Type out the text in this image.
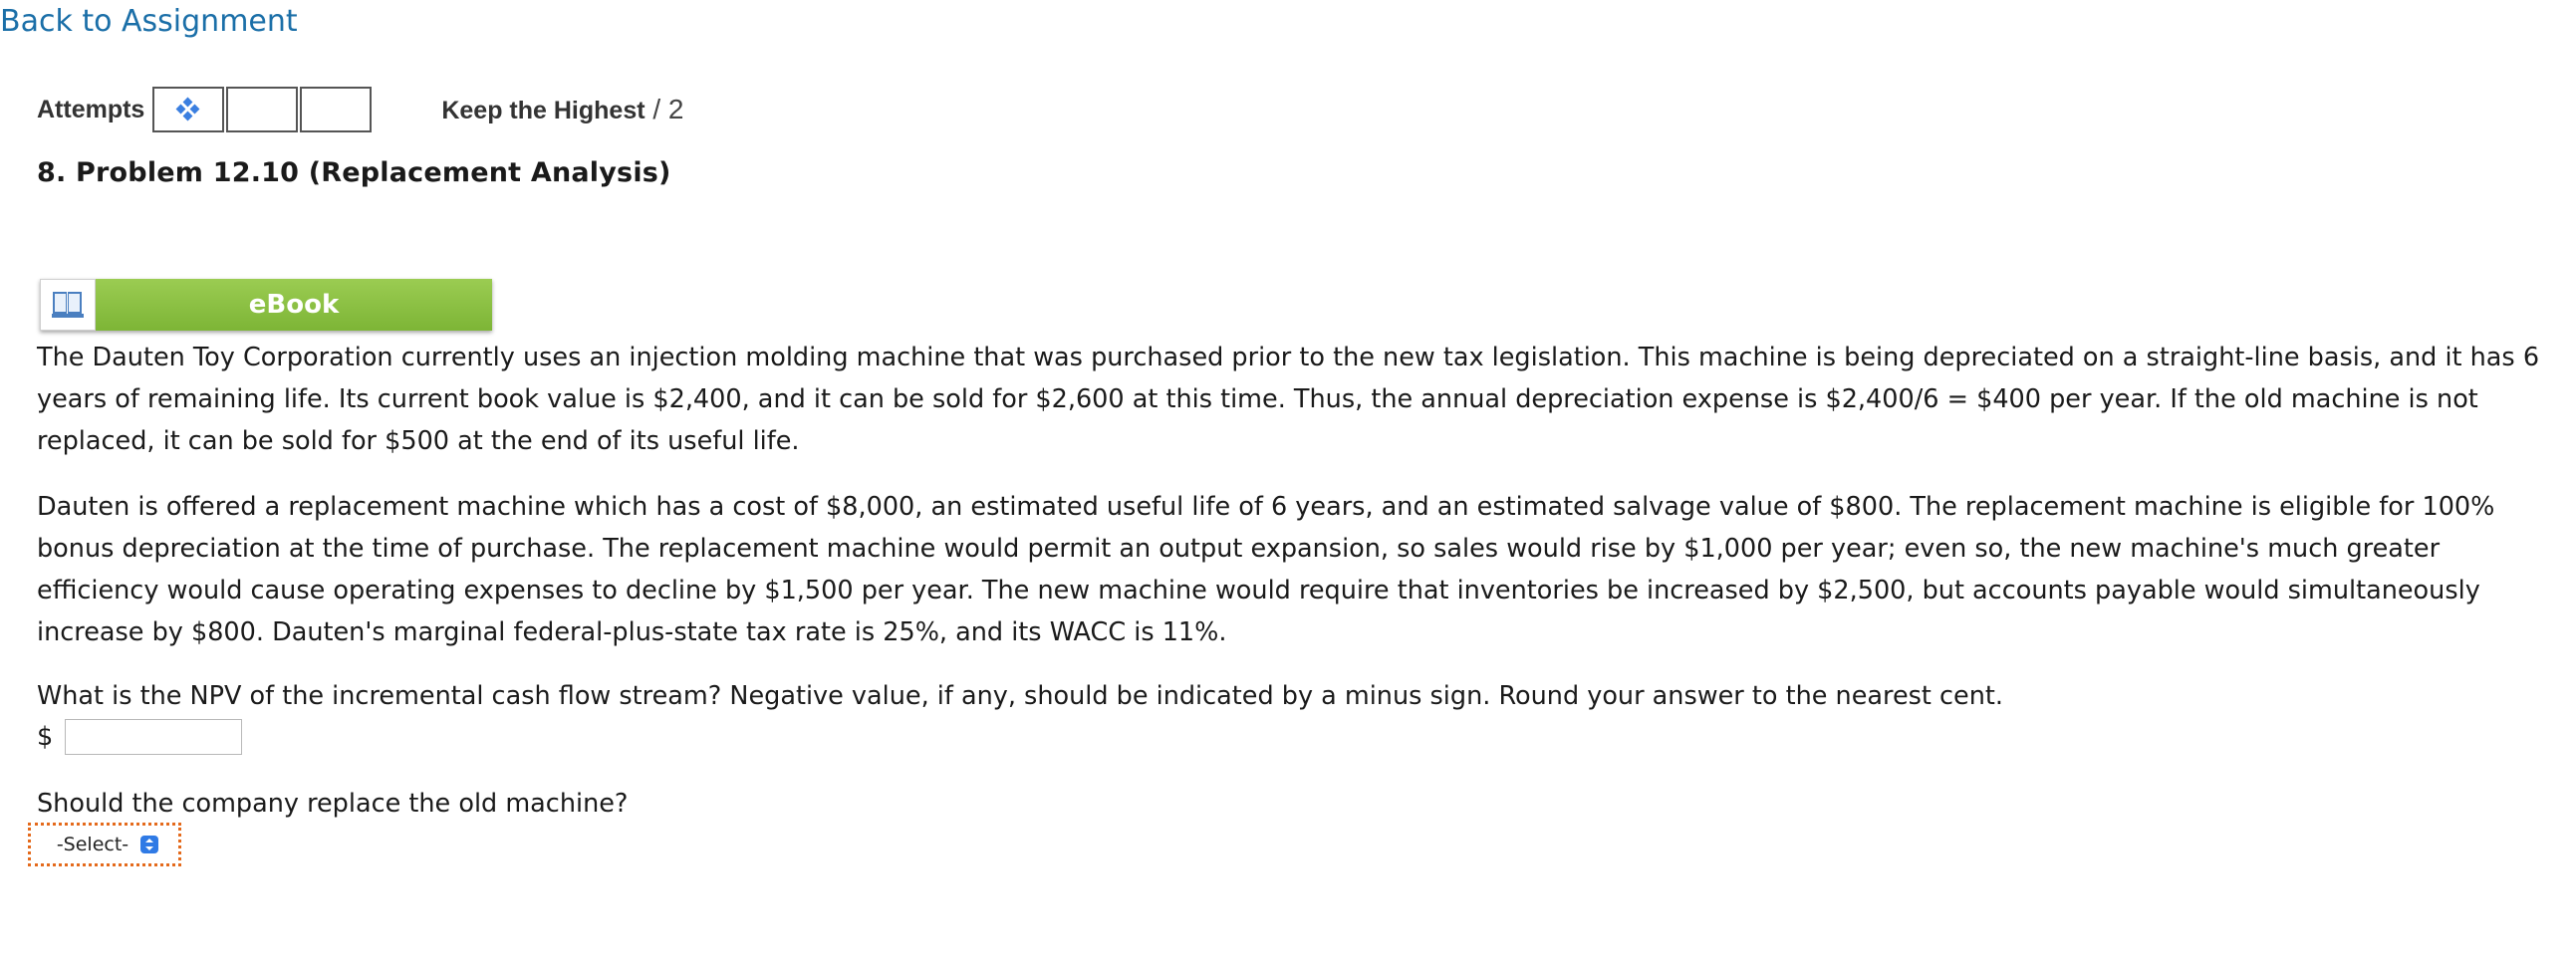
Back to Assignment
Attempts	Keep the Highest / 2
8. Problem 12.10 (Replacement Analysis)
eBook

The Dauten Toy Corporation currently uses an injection molding machine that was purchased prior to the new tax legislation. This machine is being depreciated on a straight-line basis, and it has 6 years of remaining life. Its current book value is $2,400, and it can be sold for $2,600 at this time. Thus, the annual depreciation expense is $2,400/6 = $400 per year. If the old machine is not replaced, it can be sold for $500 at the end of its useful life.

Dauten is offered a replacement machine which has a cost of $8,000, an estimated useful life of 6 years, and an estimated salvage value of $800. The replacement machine is eligible for 100% bonus depreciation at the time of purchase. The replacement machine would permit an output expansion, so sales would rise by $1,000 per year; even so, the new machine's much greater efficiency would cause operating expenses to decline by $1,500 per year. The new machine would require that inventories be increased by $2,500, but accounts payable would simultaneously increase by $800. Dauten's marginal federal-plus-state tax rate is 25%, and its WACC is 11%.

What is the NPV of the incremental cash flow stream? Negative value, if any, should be indicated by a minus sign. Round your answer to the nearest cent.

$

Should the company replace the old machine?

-Select-
